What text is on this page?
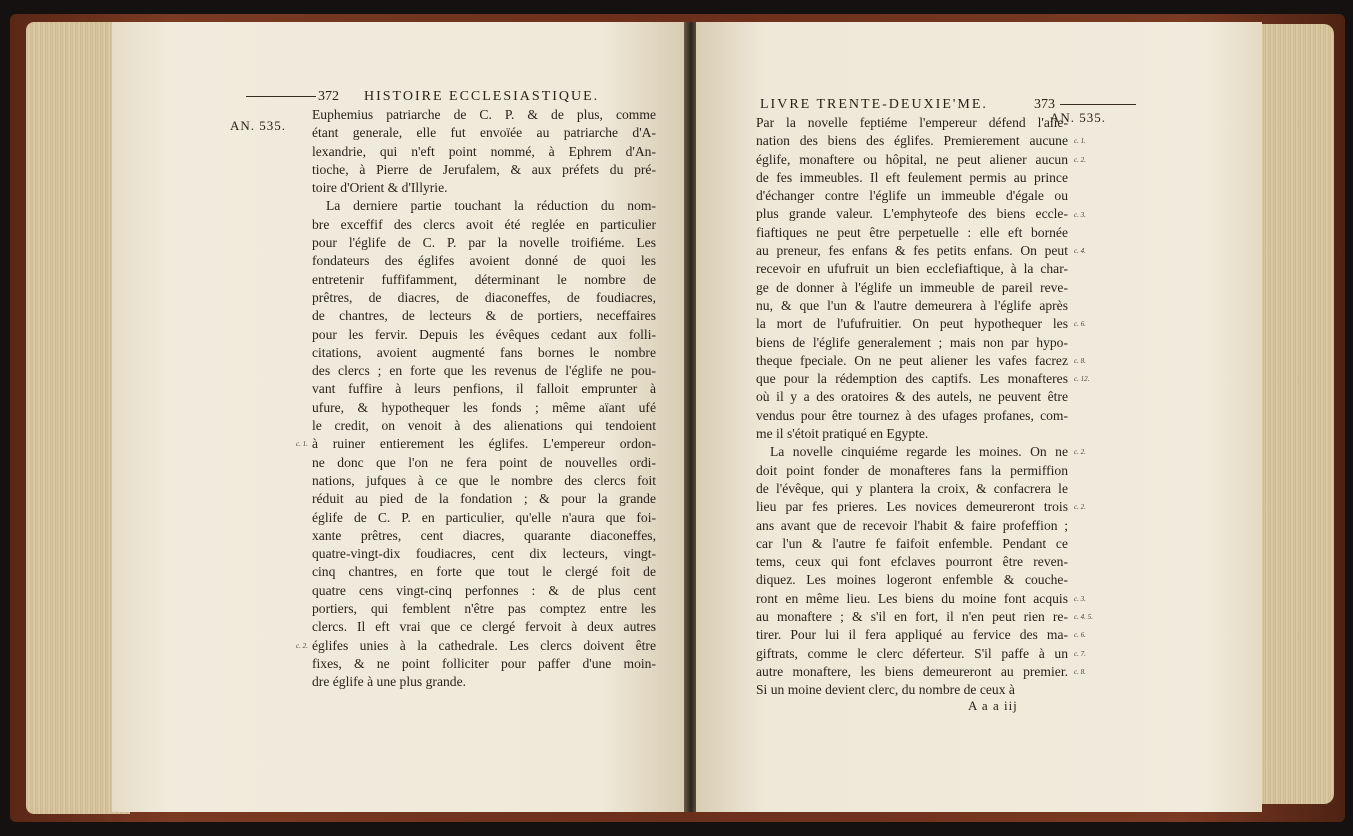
372 HISTOIRE ECCLESIASTIQUE.
AN. 535.
Euphemius patriarche de C. P. & de plus, comme
étant generale, elle fut envoïée au patriarche d'A-
lexandrie, qui n'eft point nommé, à Ephrem d'An-
tioche, à Pierre de Jerufalem, & aux préfets du pré-
toire d'Orient & d'Illyrie.
La derniere partie touchant la réduction du nom-
bre exceffif des clercs avoit été reglée en particulier
pour l'églife de C. P. par la novelle troifiéme. Les
fondateurs des églifes avoient donné de quoi les
entretenir fuffifamment, déterminant le nombre de
prêtres, de diacres, de diaconeffes, de foudiacres,
de chantres, de lecteurs & de portiers, neceffaires
pour les fervir. Depuis les évêques cedant aux folli-
citations, avoient augmenté fans bornes le nombre
des clercs ; en forte que les revenus de l'églife ne pou-
vant fuffire à leurs penfions, il falloit emprunter à
ufure, & hypothequer les fonds ; même aïant ufé
le credit, on venoit à des alienations qui tendoient
à ruiner entierement les églifes. L'empereur ordon-
ne donc que l'on ne fera point de nouvelles ordi-
nations, jufques à ce que le nombre des clercs foit
réduit au pied de la fondation ; & pour la grande
églife de C. P. en particulier, qu'elle n'aura que foi-
xante prêtres, cent diacres, quarante diaconeffes,
quatre-vingt-dix foudiacres, cent dix lecteurs, vingt-
cinq chantres, en forte que tout le clergé foit de
quatre cens vingt-cinq perfonnes : & de plus cent
portiers, qui femblent n'être pas comptez entre les
clercs. Il eft vrai que ce clergé fervoit à deux autres
églifes unies à la cathedrale. Les clercs doivent être
fixes, & ne point folliciter pour paffer d'une moin-
dre églife à une plus grande.
c. 1.
c. 2.
LIVRE TRENTE-DEUXIE'ME.	373
AN. 535.
Par la novelle feptiéme l'empereur défend l'alie-
nation des biens des églifes. Premierement aucune
églife, monaftere ou hôpital, ne peut aliener aucun
de fes immeubles. Il eft feulement permis au prince
d'échanger contre l'églife un immeuble d'égale ou
plus grande valeur. L'emphyteofe des biens eccle-
fiaftiques ne peut être perpetuelle : elle eft bornée
au preneur, fes enfans & fes petits enfans. On peut
recevoir en ufufruit un bien ecclefiaftique, à la char-
ge de donner à l'églife un immeuble de pareil reve-
nu, & que l'un & l'autre demeurera à l'églife après
la mort de l'ufufruitier. On peut hypothequer les
biens de l'églife generalement ; mais non par hypo-
theque fpeciale. On ne peut aliener les vafes facrez
que pour la rédemption des captifs. Les monafteres
où il y a des oratoires & des autels, ne peuvent être
vendus pour être tournez à des ufages profanes, com-
me il s'étoit pratiqué en Egypte.
La novelle cinquiéme regarde les moines. On ne
doit point fonder de monafteres fans la permiffion
de l'évêque, qui y plantera la croix, & confacrera le
lieu par fes prieres. Les novices demeureront trois
ans avant que de recevoir l'habit & faire profeffion ;
car l'un & l'autre fe faifoit enfemble. Pendant ce
tems, ceux qui font efclaves pourront être reven-
diquez. Les moines logeront enfemble & couche-
ront en même lieu. Les biens du moine font acquis
au monaftere ; & s'il en fort, il n'en peut rien re-
tirer. Pour lui il fera appliqué au fervice des ma-
giftrats, comme le clerc déferteur. S'il paffe à un
autre monaftere, les biens demeureront au premier.
Si un moine devient clerc, du nombre de ceux à
c. 1.
c. 2.
c. 3.
c. 4.
c. 6.
c. 8.
c. 12.
c. 2.
c. 2.
c. 3.
c. 4. 5.
c. 6.
c. 7.
c. 8.
A a a iij
